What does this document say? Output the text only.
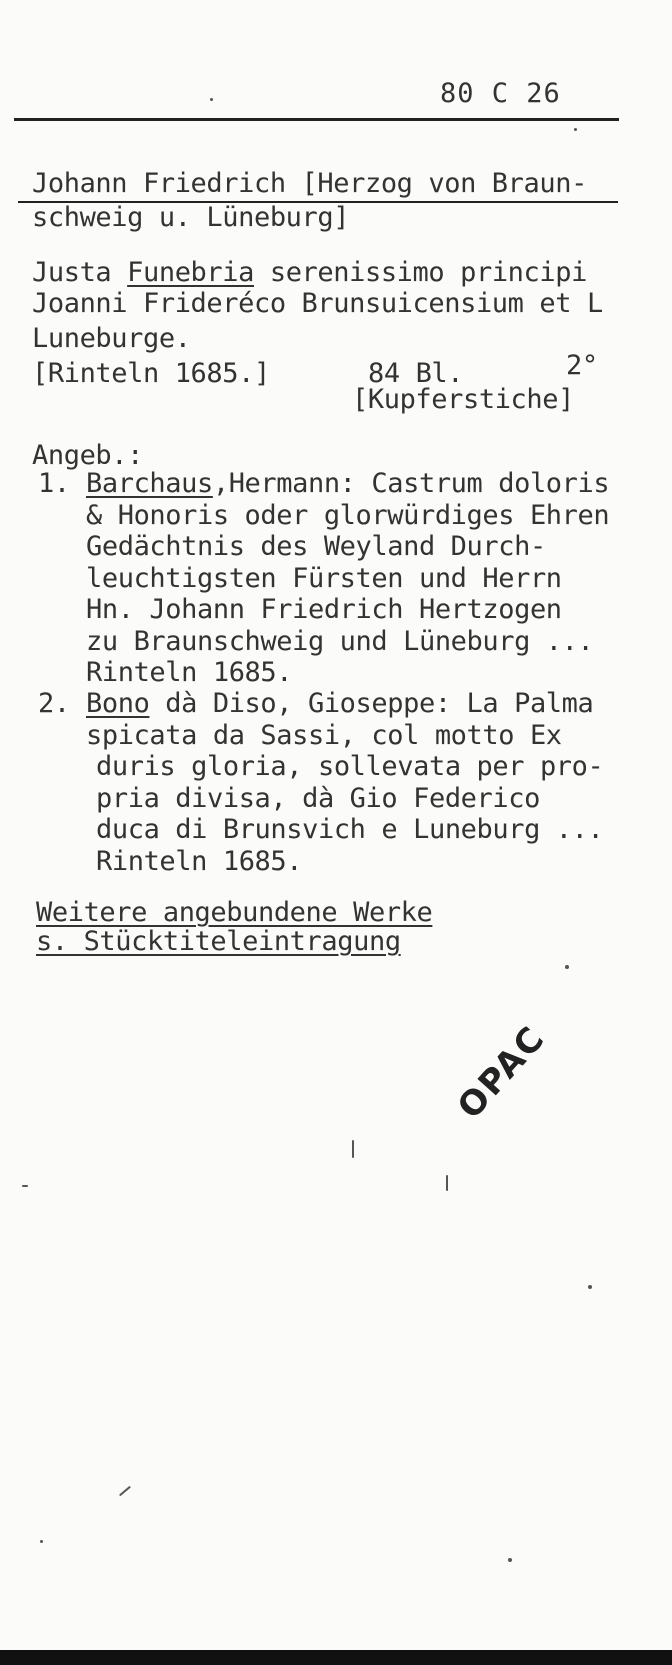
80 C 26
Johann Friedrich [Herzog von Braun-
schweig u. Lüneburg]
Justa Funebria serenissimo principi
Joanni Frideréco Brunsuicensium et L
Luneburge.
[Rinteln 1685.]	84 Bl.	2°
[Kupferstiche]
Angeb.:
1. Barchaus,Hermann: Castrum doloris
& Honoris oder glorwürdiges Ehren
Gedächtnis des Weyland Durch-
leuchtigsten Fürsten und Herrn
Hn. Johann Friedrich Hertzogen
zu Braunschweig und Lüneburg ...
Rinteln 1685.
2. Bono dà Diso, Gioseppe: La Palma
spicata da Sassi, col motto Ex
duris gloria, sollevata per pro-
pria divisa, dà Gio Federico
duca di Brunsvich e Luneburg ...
Rinteln 1685.
Weitere angebundene Werke
s. Stücktiteleintragung
OPAC
